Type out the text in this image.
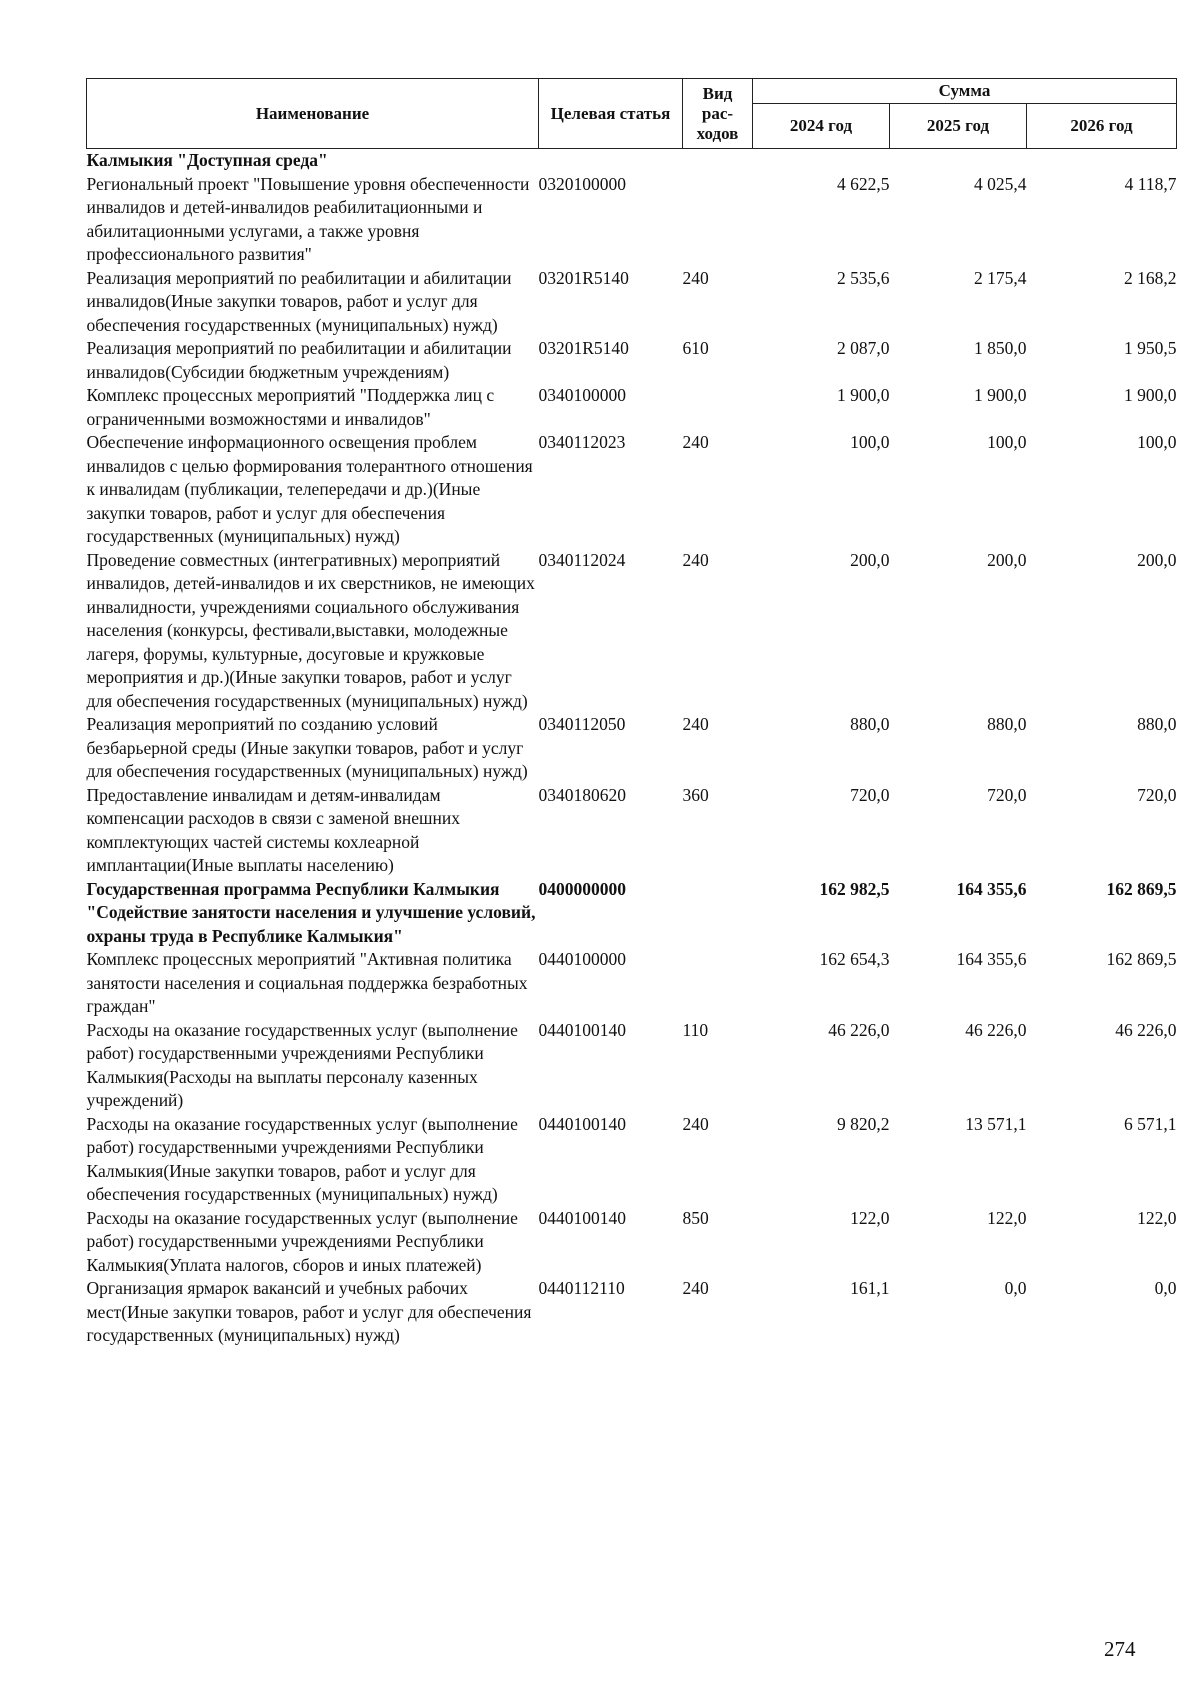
Наименование	Целевая статья	Вид рас-ходов	Сумма		
			2024 год	2025 год	2026 год
Калмыкия "Доступная среда"					
Региональный проект "Повышение уровня обеспеченности инвалидов и детей-инвалидов реабилитационными и абилитационными услугами, а также уровня профессионального развития"	0320100000		4 622,5	4 025,4	4 118,7
Реализация мероприятий по реабилитации и абилитации инвалидов(Иные закупки товаров, работ и услуг для обеспечения государственных (муниципальных) нужд)	03201R5140	240	2 535,6	2 175,4	2 168,2
Реализация мероприятий по реабилитации и абилитации инвалидов(Субсидии бюджетным учреждениям)	03201R5140	610	2 087,0	1 850,0	1 950,5
Комплекс процессных мероприятий "Поддержка лиц с ограниченными возможностями и инвалидов"	0340100000		1 900,0	1 900,0	1 900,0
Обеспечение информационного освещения проблем инвалидов с целью формирования толерантного отношения к инвалидам (публикации, телепередачи и др.)(Иные закупки товаров, работ и услуг для обеспечения государственных (муниципальных) нужд)	0340112023	240	100,0	100,0	100,0
Проведение совместных (интегративных) мероприятий инвалидов, детей-инвалидов и их сверстников, не имеющих инвалидности, учреждениями социального обслуживания населения (конкурсы, фестивали,выставки, молодежные лагеря, форумы, культурные, досуговые и кружковые мероприятия и др.)(Иные закупки товаров, работ и услуг для обеспечения государственных (муниципальных) нужд)	0340112024	240	200,0	200,0	200,0
Реализация мероприятий по созданию условий безбарьерной среды (Иные закупки товаров, работ и услуг для обеспечения государственных (муниципальных) нужд)	0340112050	240	880,0	880,0	880,0
Предоставление инвалидам и детям-инвалидам компенсации расходов в связи с заменой внешних комплектующих частей системы кохлеарной имплантации(Иные выплаты населению)	0340180620	360	720,0	720,0	720,0
Государственная программа Республики Калмыкия "Содействие занятости населения и улучшение условий, охраны труда в Республике Калмыкия"	0400000000		162 982,5	164 355,6	162 869,5
Комплекс процессных мероприятий "Активная политика занятости населения и социальная поддержка безработных граждан"	0440100000		162 654,3	164 355,6	162 869,5
Расходы на оказание государственных услуг (выполнение работ) государственными учреждениями Республики Калмыкия(Расходы на выплаты персоналу казенных учреждений)	0440100140	110	46 226,0	46 226,0	46 226,0
Расходы на оказание государственных услуг (выполнение работ) государственными учреждениями Республики Калмыкия(Иные закупки товаров, работ и услуг для обеспечения государственных (муниципальных) нужд)	0440100140	240	9 820,2	13 571,1	6 571,1
Расходы на оказание государственных услуг (выполнение работ) государственными учреждениями Республики Калмыкия(Уплата налогов, сборов и иных платежей)	0440100140	850	122,0	122,0	122,0
Организация ярмарок вакансий и учебных рабочих мест(Иные закупки товаров, работ и услуг для обеспечения государственных (муниципальных) нужд)	0440112110	240	161,1	0,0	0,0
274
